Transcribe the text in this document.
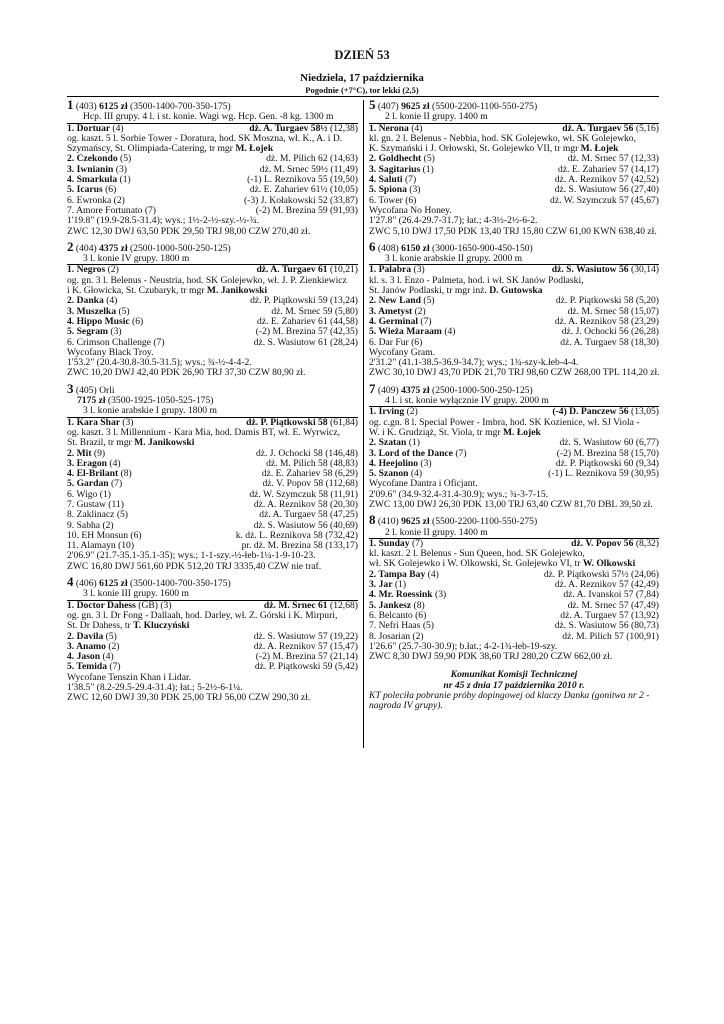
DZIEŃ 53
Niedziela, 17 października
Pogodnie (+7°C), tor lekki (2,5)
1 (403) 6125 zł (3500-1400-700-350-175)
Hcp. III grupy. 4 l. i st. konie. Wagi wg. Hcp. Gen. -8 kg. 1300 m
1. Dortuar (4)	dż. A. Turgaev 58½ (12,38)
og. kaszt. 5 l. Sorbie Tower - Doratura, hod. SK Moszna, wł. K., A. i D.
Szymańscy, St. Olimpiada-Catering, tr mgr M. Łojek
2. Czekondo (5)	dż. M. Pilich 62 (14,63)
3. Iwnianin (3)	dż. M. Srnec 59½ (11,49)
4. Smarkula (1)	(-1) L. Reznikova 55 (19,50)
5. Icarus (6)	dż. E. Zahariev 61½ (10,05)
6. Ewronka (2)	(-3) J. Kołakowski 52 (33,87)
7. Amore Fortunato (7)	(-2) M. Brezina 59 (91,93)
1'19.8" (19.9-28.5-31.4); wys.; 1½-2-½-szy.-½-¾.
ZWC 12,30 DWJ 63,50 PDK 29,50 TRJ 98,00 CZW 270,40 zł.
2 (404) 4375 zł (2500-1000-500-250-125)
3 l. konie IV grupy. 1800 m
1. Negros (2)	dż. A. Turgaev 61 (10,21)
og. gn. 3 l. Belenus - Neustria, hod. SK Golejewko, wł. J. P. Zienkiewicz
i K. Głowicka, St. Czubaryk, tr mgr M. Janikowski
2. Danka (4)	dż. P. Piątkowski 59 (13,24)
3. Muszelka (5)	dż. M. Srnec 59 (5,80)
4. Hippo Music (6)	dż. E. Zahariev 61 (44,58)
5. Segram (3)	(-2) M. Brezina 57 (42,35)
6. Crimson Challenge (7)	dż. S. Wasiutow 61 (28,24)
Wycofany Black Troy.
1'53.2" (20.4-30.8-30.5-31.5); wys.; ¾-½-4-4-2.
ZWC 10,20 DWJ 42,40 PDK 26,90 TRJ 37,30 CZW 80,90 zł.
3 (405) Orli
7175 zł (3500-1925-1050-525-175)
3 l. konie arabskie I grupy. 1800 m
1. Kara Shar (3)	dż. P. Piątkowski 58 (61,84)
og. kaszt. 3 l. Millennium - Kara Mia, hod. Damis BT, wł. E. Wyrwicz,
St. Brazil, tr mgr M. Janikowski
2. Mit (9)	dż. J. Ochocki 58 (146,48)
3. Eragon (4)	dż. M. Pilich 58 (48,83)
4. El-Brilant (8)	dż. E. Zahariev 58 (6,29)
5. Gardan (7)	dż. V. Popov 58 (112,68)
6. Wigo (1)	dż. W. Szymczuk 58 (11,91)
7. Gustaw (11)	dż. A. Reznikov 58 (20,30)
8. Zaklinacz (5)	dż. A. Turgaev 58 (47,25)
9. Sabha (2)	dż. S. Wasiutow 56 (40,69)
10. EH Monsun (6)	k. dż. L. Reznikova 58 (732,42)
11. Alamayn (10)	pr. dż. M. Brezina 58 (133,17)
2'06.9" (21.7-35.1-35.1-35); wys.; 1-1-szy.-½-łeb-1¼-1-9-10-23.
ZWC 16,80 DWJ 561,60 PDK 512,20 TRJ 3335,40 CZW nie traf.
4 (406) 6125 zł (3500-1400-700-350-175)
3 l. konie III grupy. 1600 m
1. Doctor Dahess (GB) (3)	dż. M. Srnec 61 (12,68)
og. gn. 3 l. Dr Fong - Dallaah, hod. Darley, wł. Z. Górski i K. Mirpuri,
St. Dr Dahess, tr T. Kluczyński
2. Davila (5)	dż. S. Wasiutow 57 (19,22)
3. Anamo (2)	dż. A. Reznikov 57 (15,47)
4. Jason (4)	(-2) M. Brezina 57 (21,14)
5. Temida (7)	dż. P. Piątkowski 59 (5,42)
Wycofane Tenszin Khan i Lidar.
1'38.5" (8.2-29.5-29.4-31.4); łat.; 5-2½-6-1¼.
ZWC 12,60 DWJ 39,30 PDK 25,00 TRJ 56,00 CZW 290,30 zł.
5 (407) 9625 zł (5500-2200-1100-550-275)
2 l. konie II grupy. 1400 m
1. Nerona (4)	dż. A. Turgaev 56 (5,16)
kl. gn. 2 l. Belenus - Nebbia, hod. SK Golejewko, wł. SK Golejewko,
K. Szymański i J. Orłowski, St. Golejewko VII, tr mgr M. Łojek
2. Goldhecht (5)	dż. M. Srnec 57 (12,33)
3. Sagitarius (1)	dż. E. Zahariev 57 (14,17)
4. Saluti (7)	dż. A. Reznikov 57 (42,52)
5. Spiona (3)	dż. S. Wasiutow 56 (27,40)
6. Tower (6)	dż. W. Szymczuk 57 (45,67)
Wycofana No Honey.
1'27.8" (26.4-29.7-31.7); łat.; 4-3½-2½-6-2.
ZWC 5,10 DWJ 17,50 PDK 13,40 TRJ 15,80 CZW 61,00 KWN 638,40 zł.
6 (408) 6150 zł (3000-1650-900-450-150)
3 l. konie arabskie II grupy. 2000 m
1. Palabra (3)	dż. S. Wasiutow 56 (30,14)
kl. s. 3 l. Enzo - Palmeta, hod. i wł. SK Janów Podlaski,
St. Janów Podlaski, tr mgr inż. D. Gutowska
2. New Land (5)	dż. P. Piątkowski 58 (5,20)
3. Ametyst (2)	dż. M. Srnec 58 (15,07)
4. Germinal (7)	dż. A. Reznikov 58 (23,29)
5. Wieża Maraam (4)	dż. J. Ochocki 56 (26,28)
6. Dar Fur (6)	dż. A. Turgaev 58 (18,30)
Wycofany Gram.
2'31.2" (41.1-38.5-36.9-34.7); wys.; 1¾-szy-k.łeb-4-4.
ZWC 30,10 DWJ 43,70 PDK 21,70 TRJ 98,60 CZW 268,00 TPL 114,20 zł.
7 (409) 4375 zł (2500-1000-500-250-125)
4 l. i st. konie wyłącznie IV grupy. 2000 m
1. Irving (2)	(-4) D. Panczew 56 (13,05)
og. c.gn. 8 l. Special Power - Imbra, hod. SK Kozienice, wł. SJ Viola -
W. i K. Grudziąż, St. Viola, tr mgr M. Łojek
2. Szatan (1)	dż. S. Wasiutow 60 (6,77)
3. Lord of the Dance (7)	(-2) M. Brezina 58 (15,70)
4. Heejolino (3)	dż. P. Piątkowski 60 (9,34)
5. Szanon (4)	(-1) L. Reznikova 59 (30,95)
Wycofane Dantra i Oficjant.
2'09.6" (34.9-32.4-31.4-30.9); wys.; ¾-3-7-15.
ZWC 13,00 DWJ 26,30 PDK 13,00 TRJ 63,40 CZW 81,70 DBL 39,50 zł.
8 (410) 9625 zł (5500-2200-1100-550-275)
2 l. konie II grupy. 1400 m
1. Sunday (7)	dż. V. Popov 56 (8,32)
kl. kaszt. 2 l. Belenus - Sun Queen, hod. SK Golejewko,
wł. SK Golejewko i W. Olkowski, St. Golejewko VI, tr W. Olkowski
2. Tampa Bay (4)	dż. P. Piątkowski 57½ (24,06)
3. Jar (1)	dż. A. Reznikov 57 (42,49)
4. Mr. Roessink (3)	dż. A. Ivanskoi 57 (7,84)
5. Jankesz (8)	dż. M. Srnec 57 (47,49)
6. Belcanto (6)	dż. A. Turgaev 57 (13,92)
7. Nefri Haas (5)	dż. S. Wasiutow 56 (80,73)
8. Josarian (2)	dż. M. Pilich 57 (100,91)
1'26.6" (25.7-30-30.9); b.łat.; 4-2-1¾-łeb-19-szy.
ZWC 8,30 DWJ 59,90 PDK 38,60 TRJ 280,20 CZW 662,00 zł.
Komunikat Komisji Technicznej
nr 45 z dnia 17 października 2010 r.
KT poleciła pobranie próby dopingowej od klaczy Danka (gonitwa nr 2 - nagroda IV grupy).
